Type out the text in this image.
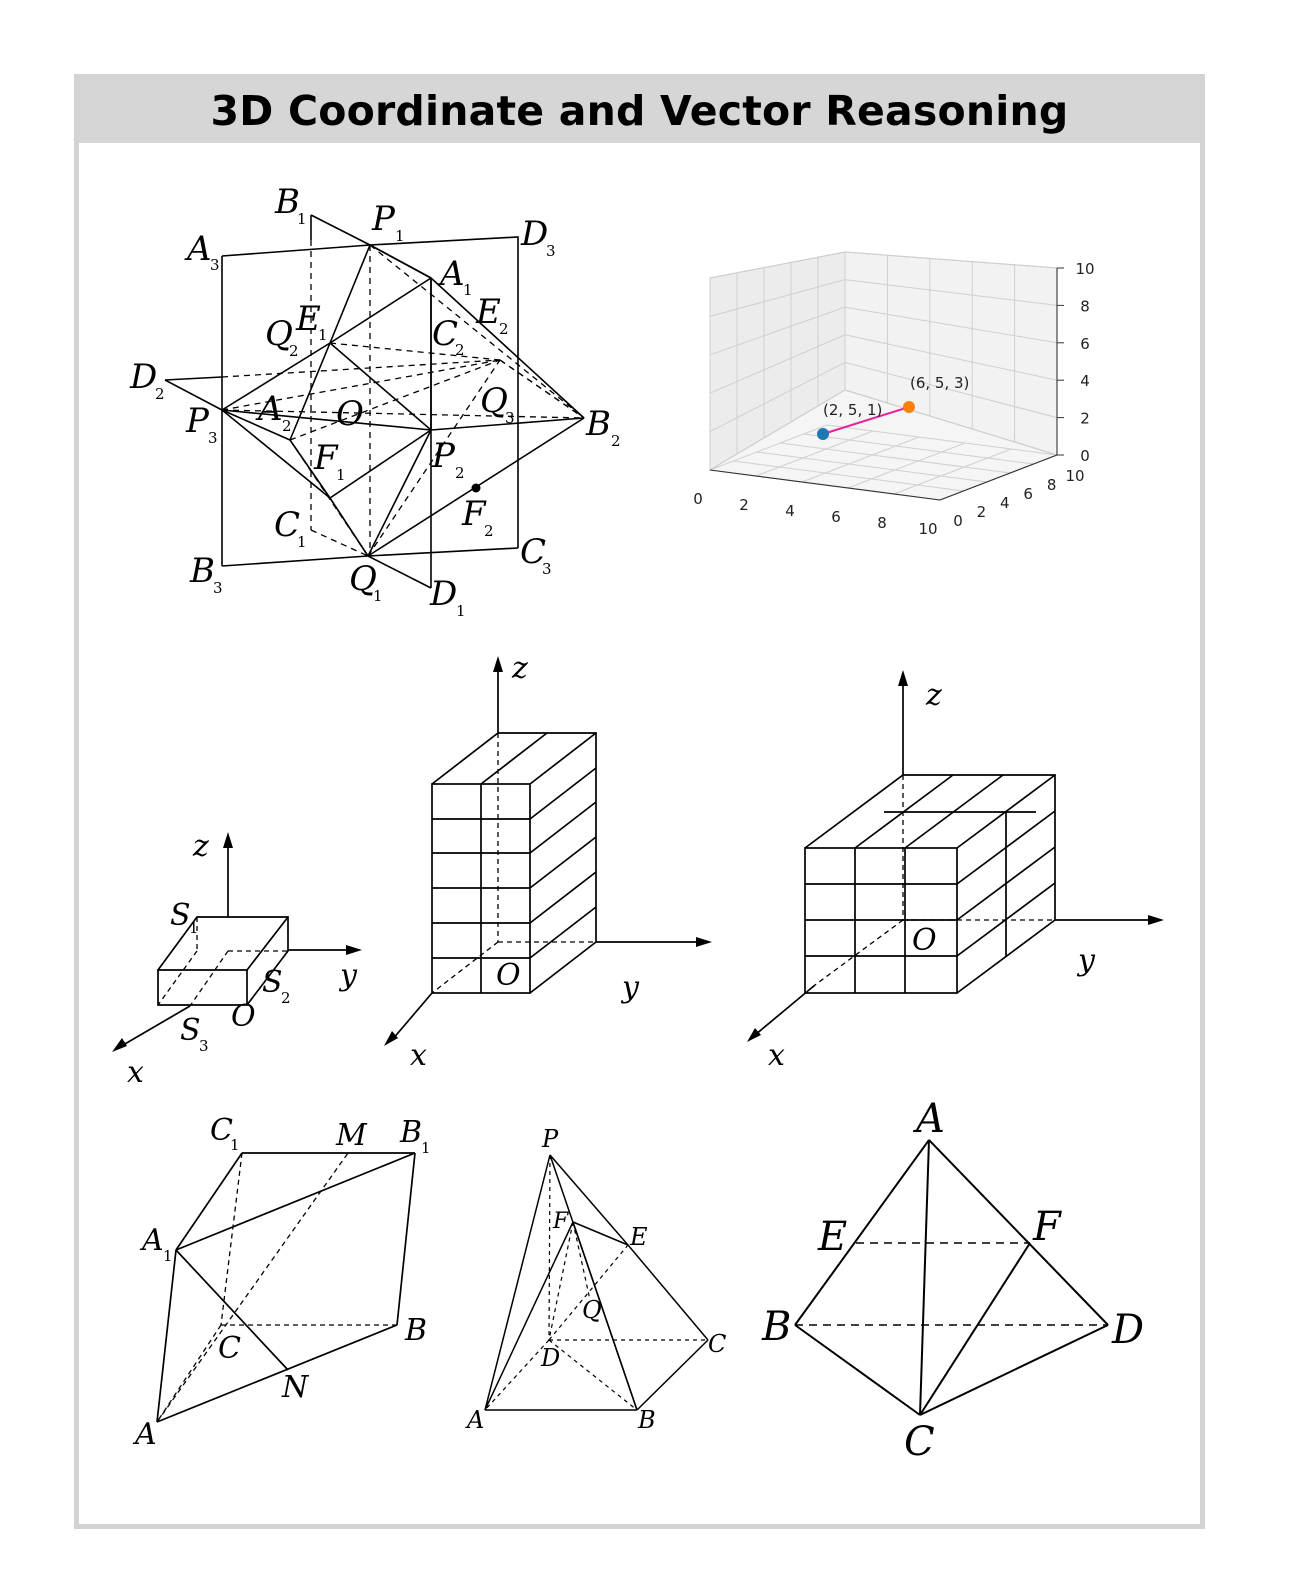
3D Coordinate and Vector Reasoning
B
1 P 1
A
3
D
3
A
1
E
2
Q
2
E
1	C
2
D
2
P 3
A 2 O	Q
3 B 2
F
1	P 2
F
2
C
1
B
3	Q
1 D
1
C
3
0 2 4 6 8 10 0 2 4 6 8 10
0
2
4
6
8
10
(2, 5, 1)
(6, 5, 3)
z
y
x
O
S
1
S
2
S
3
z
y
x
O
z
y
x
O
C
1	M B
1
A 1
C
B
N
A
P
F
E
Q
D	C
A	B
A
E	F
B	D
C
